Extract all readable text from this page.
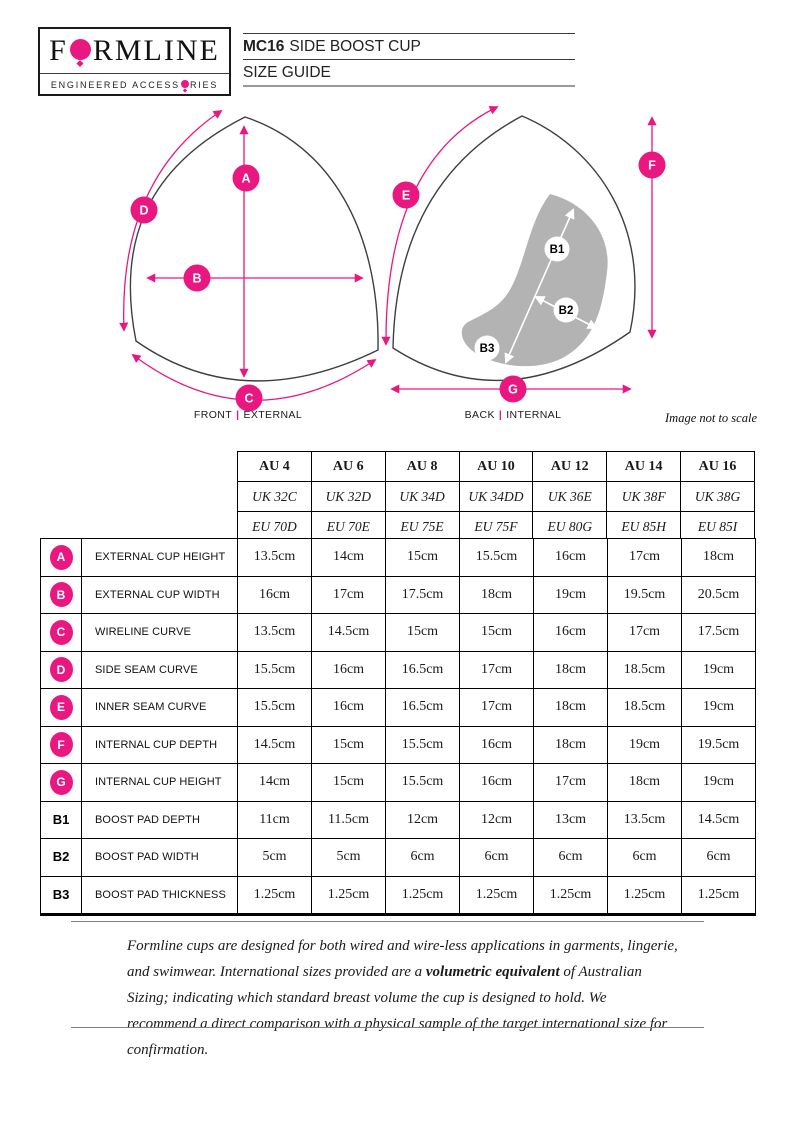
F RMLINE
ENGINEERED ACCESS RIES
MC16 SIDE BOOST CUP
SIZE GUIDE
A
B
C
D
E
F
G
B1
B2
B3
FRONT | EXTERNAL	BACK | INTERNAL	Image not to scale
AU 4	AU 6	AU 8	AU 10	AU 12	AU 14	AU 16
UK 32C	UK 32D	UK 34D	UK 34DD	UK 36E	UK 38F	UK 38G
EU 70D	EU 70E	EU 75E	EU 75F	EU 80G	EU 85H	EU 85I
A	EXTERNAL CUP HEIGHT	13.5cm	14cm	15cm	15.5cm	16cm	17cm	18cm
B	EXTERNAL CUP WIDTH	16cm	17cm	17.5cm	18cm	19cm	19.5cm	20.5cm
C	WIRELINE CURVE	13.5cm	14.5cm	15cm	15cm	16cm	17cm	17.5cm
D	SIDE SEAM CURVE	15.5cm	16cm	16.5cm	17cm	18cm	18.5cm	19cm
E	INNER SEAM CURVE	15.5cm	16cm	16.5cm	17cm	18cm	18.5cm	19cm
F	INTERNAL CUP DEPTH	14.5cm	15cm	15.5cm	16cm	18cm	19cm	19.5cm
G	INTERNAL CUP HEIGHT	14cm	15cm	15.5cm	16cm	17cm	18cm	19cm
B1	BOOST PAD DEPTH	11cm	11.5cm	12cm	12cm	13cm	13.5cm	14.5cm
B2	BOOST PAD WIDTH	5cm	5cm	6cm	6cm	6cm	6cm	6cm
B3	BOOST PAD THICKNESS	1.25cm	1.25cm	1.25cm	1.25cm	1.25cm	1.25cm	1.25cm
Formline cups are designed for both wired and wire-less applications in garments, lingerie, and swimwear. International sizes provided are a volumetric equivalent of Australian Sizing; indicating which standard breast volume the cup is designed to hold. We recommend a direct comparison with a physical sample of the target international size for confirmation.
